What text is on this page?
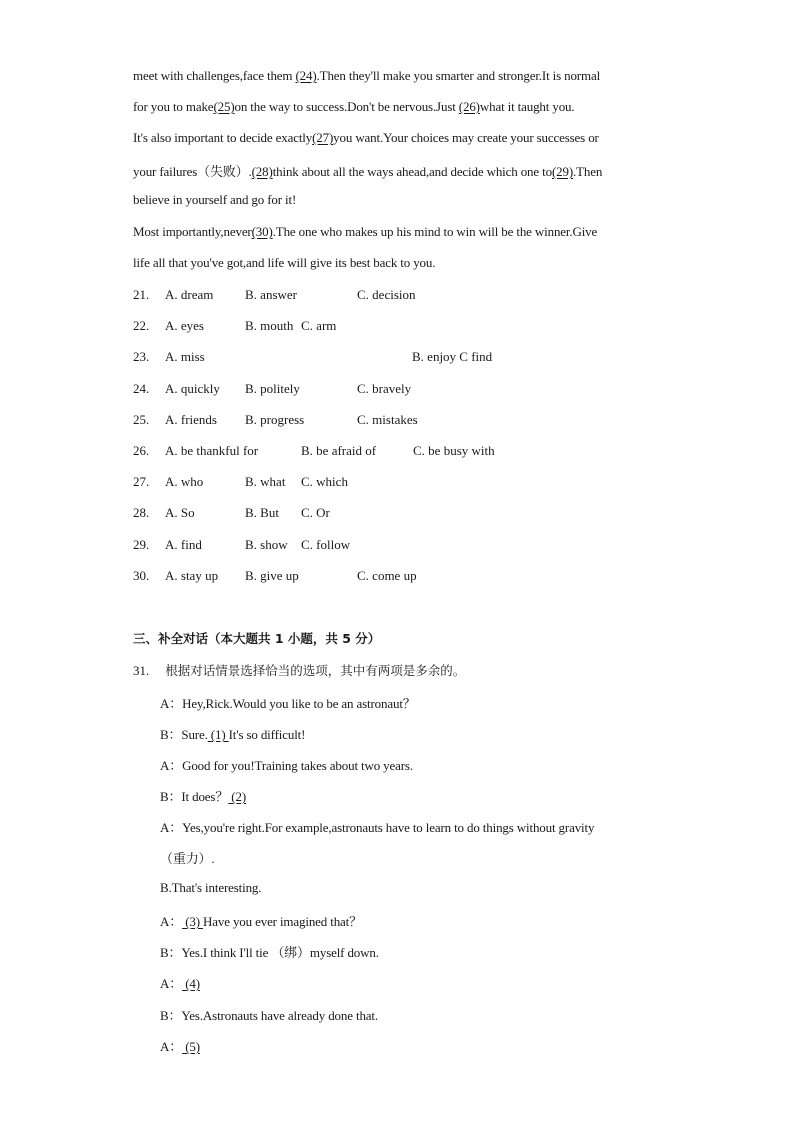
meet with challenges,face them (24).Then they'll make you smarter and stronger.It is normal
for you to make(25)on the way to success.Don't be nervous.Just (26)what it taught you.
It's also important to decide exactly(27)you want.Your choices may create your successes or
your failures（失败）.(28)think about all the ways ahead,and decide which one to(29).Then
believe in yourself and go for it!
Most importantly,never(30).The one who makes up his mind to win will be the winner.Give
life all that you've got,and life will give its best back to you.
21. A. dream B. answer	C. decision
22. A. eyes	B. mouth C. arm
23. A. miss	B. enjoy C find
24. A. quickly B. politely	C. bravely
25. A. friends B. progress	C. mistakes
26. A. be thankful for	B. be afraid of	C. be busy with
27. A. who	B. what C. which
28. A. So	B. But C. Or
29. A. find	B. show C. follow
30. A. stay up B. give up	C. come up
三、补全对话（本大题共 1 小题，共 5 分）
31. 根据对话情景选择恰当的选项，其中有两项是多余的。
A：Hey,Rick.Would you like to be an astronaut？
B：Sure. (1) It's so difficult!
A：Good for you!Training takes about two years.
B：It does？ (2)
A：Yes,you're right.For example,astronauts have to learn to do things without gravity
（重力）.
B.That's interesting.
A： (3) Have you ever imagined that？
B：Yes.I think I'll tie （绑）myself down.
A： (4)
B：Yes.Astronauts have already done that.
A： (5)
